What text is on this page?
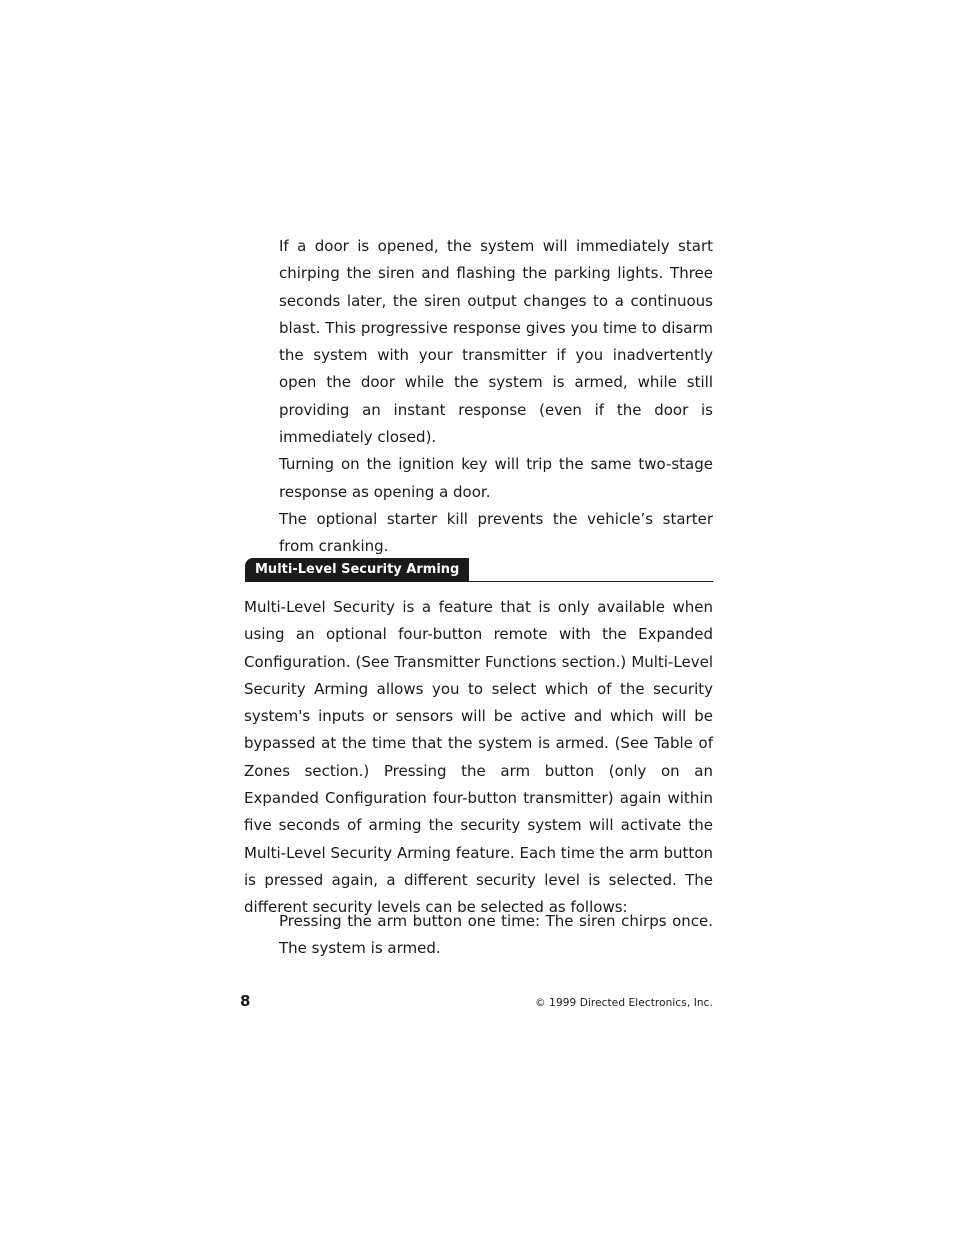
If a door is opened, the system will immediately start chirping the siren and flashing the parking lights. Three seconds later, the siren output changes to a continuous blast. This progressive response gives you time to disarm the system with your transmitter if you inadvertently open the door while the system is armed, while still providing an instant response (even if the door is immediately closed).

Turning on the ignition key will trip the same two-stage response as opening a door.

The optional starter kill prevents the vehicle’s starter from cranking.

Multi-Level Security Arming

Multi-Level Security is a feature that is only available when using an optional four-button remote with the Expanded Configuration. (See Transmitter Functions section.) Multi-Level Security Arming allows you to select which of the security system's inputs or sensors will be active and which will be bypassed at the time that the system is armed. (See Table of Zones section.) Pressing the arm button (only on an Expanded Configuration four-button transmitter) again within five seconds of arming the security system will activate the Multi-Level Security Arming feature. Each time the arm button is pressed again, a different security level is selected. The different security levels can be selected as follows:

Pressing the arm button one time: The siren chirps once. The system is armed.

8	© 1999 Directed Electronics, Inc.
